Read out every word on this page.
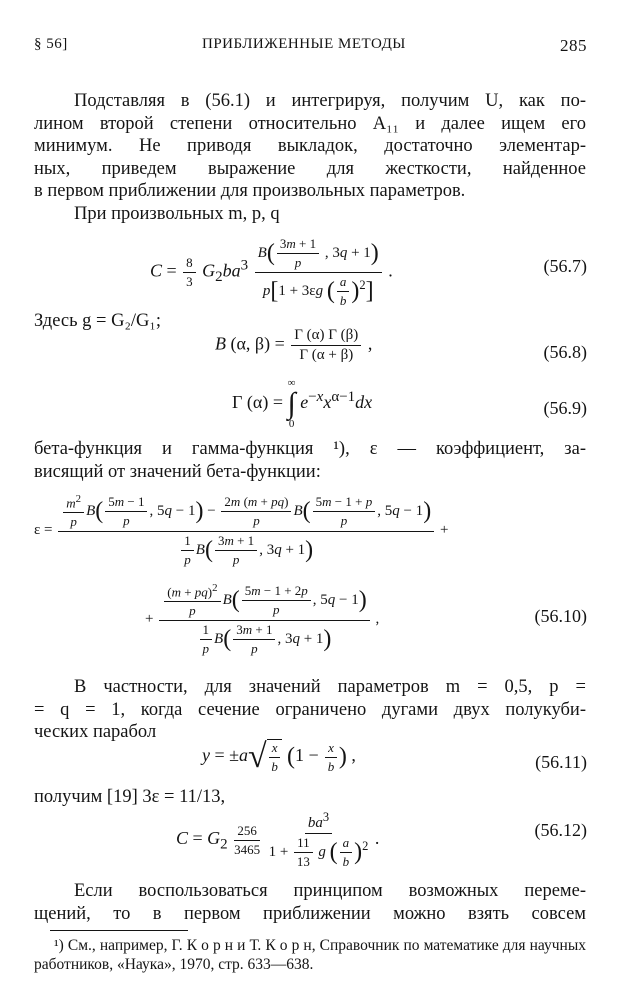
§ 56]	ПРИБЛИЖЕННЫЕ МЕТОДЫ	285
Подставляя в (56.1) и интегрируя, получим U, как по-
лином второй степени относительно A₁₁ и далее ищем его
минимум. Не приводя выкладок, достаточно элементар-
ных, приведем выражение для жесткости, найденное
в первом приближении для произвольных параметров.
При произвольных m, p, q
$C = \frac{8}{3} G_2ba^3 \frac{B( \frac{3m + 1}{p} , 3q + 1)}{p[1 + 3\varepsilon g ( \frac{a}{b} )^2]}$ .	(56.7)
Здесь g = G₂/G₁;
B (α, $\beta) = \frac{\Gamma (\alpha) \Gamma (\beta)}{\Gamma (\alpha + \beta)}$ ,	(56.8)
Γ (α) =
∞
∫
0
$e^{-x}x^{\alpha-1}dx$	(56.9)
бета-функция и гамма-функция ¹), ε — коэффициент, за-
висящий от значений бета-функции:
$\varepsilon = \frac{\frac{m^2}{p} B( \frac{5m - 1}{p} , 5q - 1) - \frac{2m (m + pq)}{p} B( \frac{5m - 1 + p}{p} , 5q - 1)}{\frac{1}{p} B( \frac{3m + 1}{p} , 3q + 1)}$ +
+ $\frac{\frac{(m + pq)^2}{p} B( \frac{5m - 1 + 2p}{p} , 5q - 1)}{\frac{1}{p} B( \frac{3m + 1}{p} , 3q + 1)}$ ,	(56.10)
В частности, для значений параметров m = 0,5, p =
= q = 1, когда сечение ограничено дугами двух полукуби-
ческих парабол
$y = \pm a√ \frac{x}{b} (1 - \frac{x}{b}$ ) ,	(56.11)
получим [19] 3ε = 11/13,
$C = G_2 \frac{256}{3465}$
$\frac{ba^3}{1 + \frac{11}{13} g ( \frac{a}{b} )^2}$ .	(56.12)
Если воспользоваться принципом возможных переме-
щений, то в первом приближении можно взять совсем
¹) См., например, Г. К о р н и Т. К о р н, Справочник по математике для научных работников, «Наука», 1970, стр. 633—638.
